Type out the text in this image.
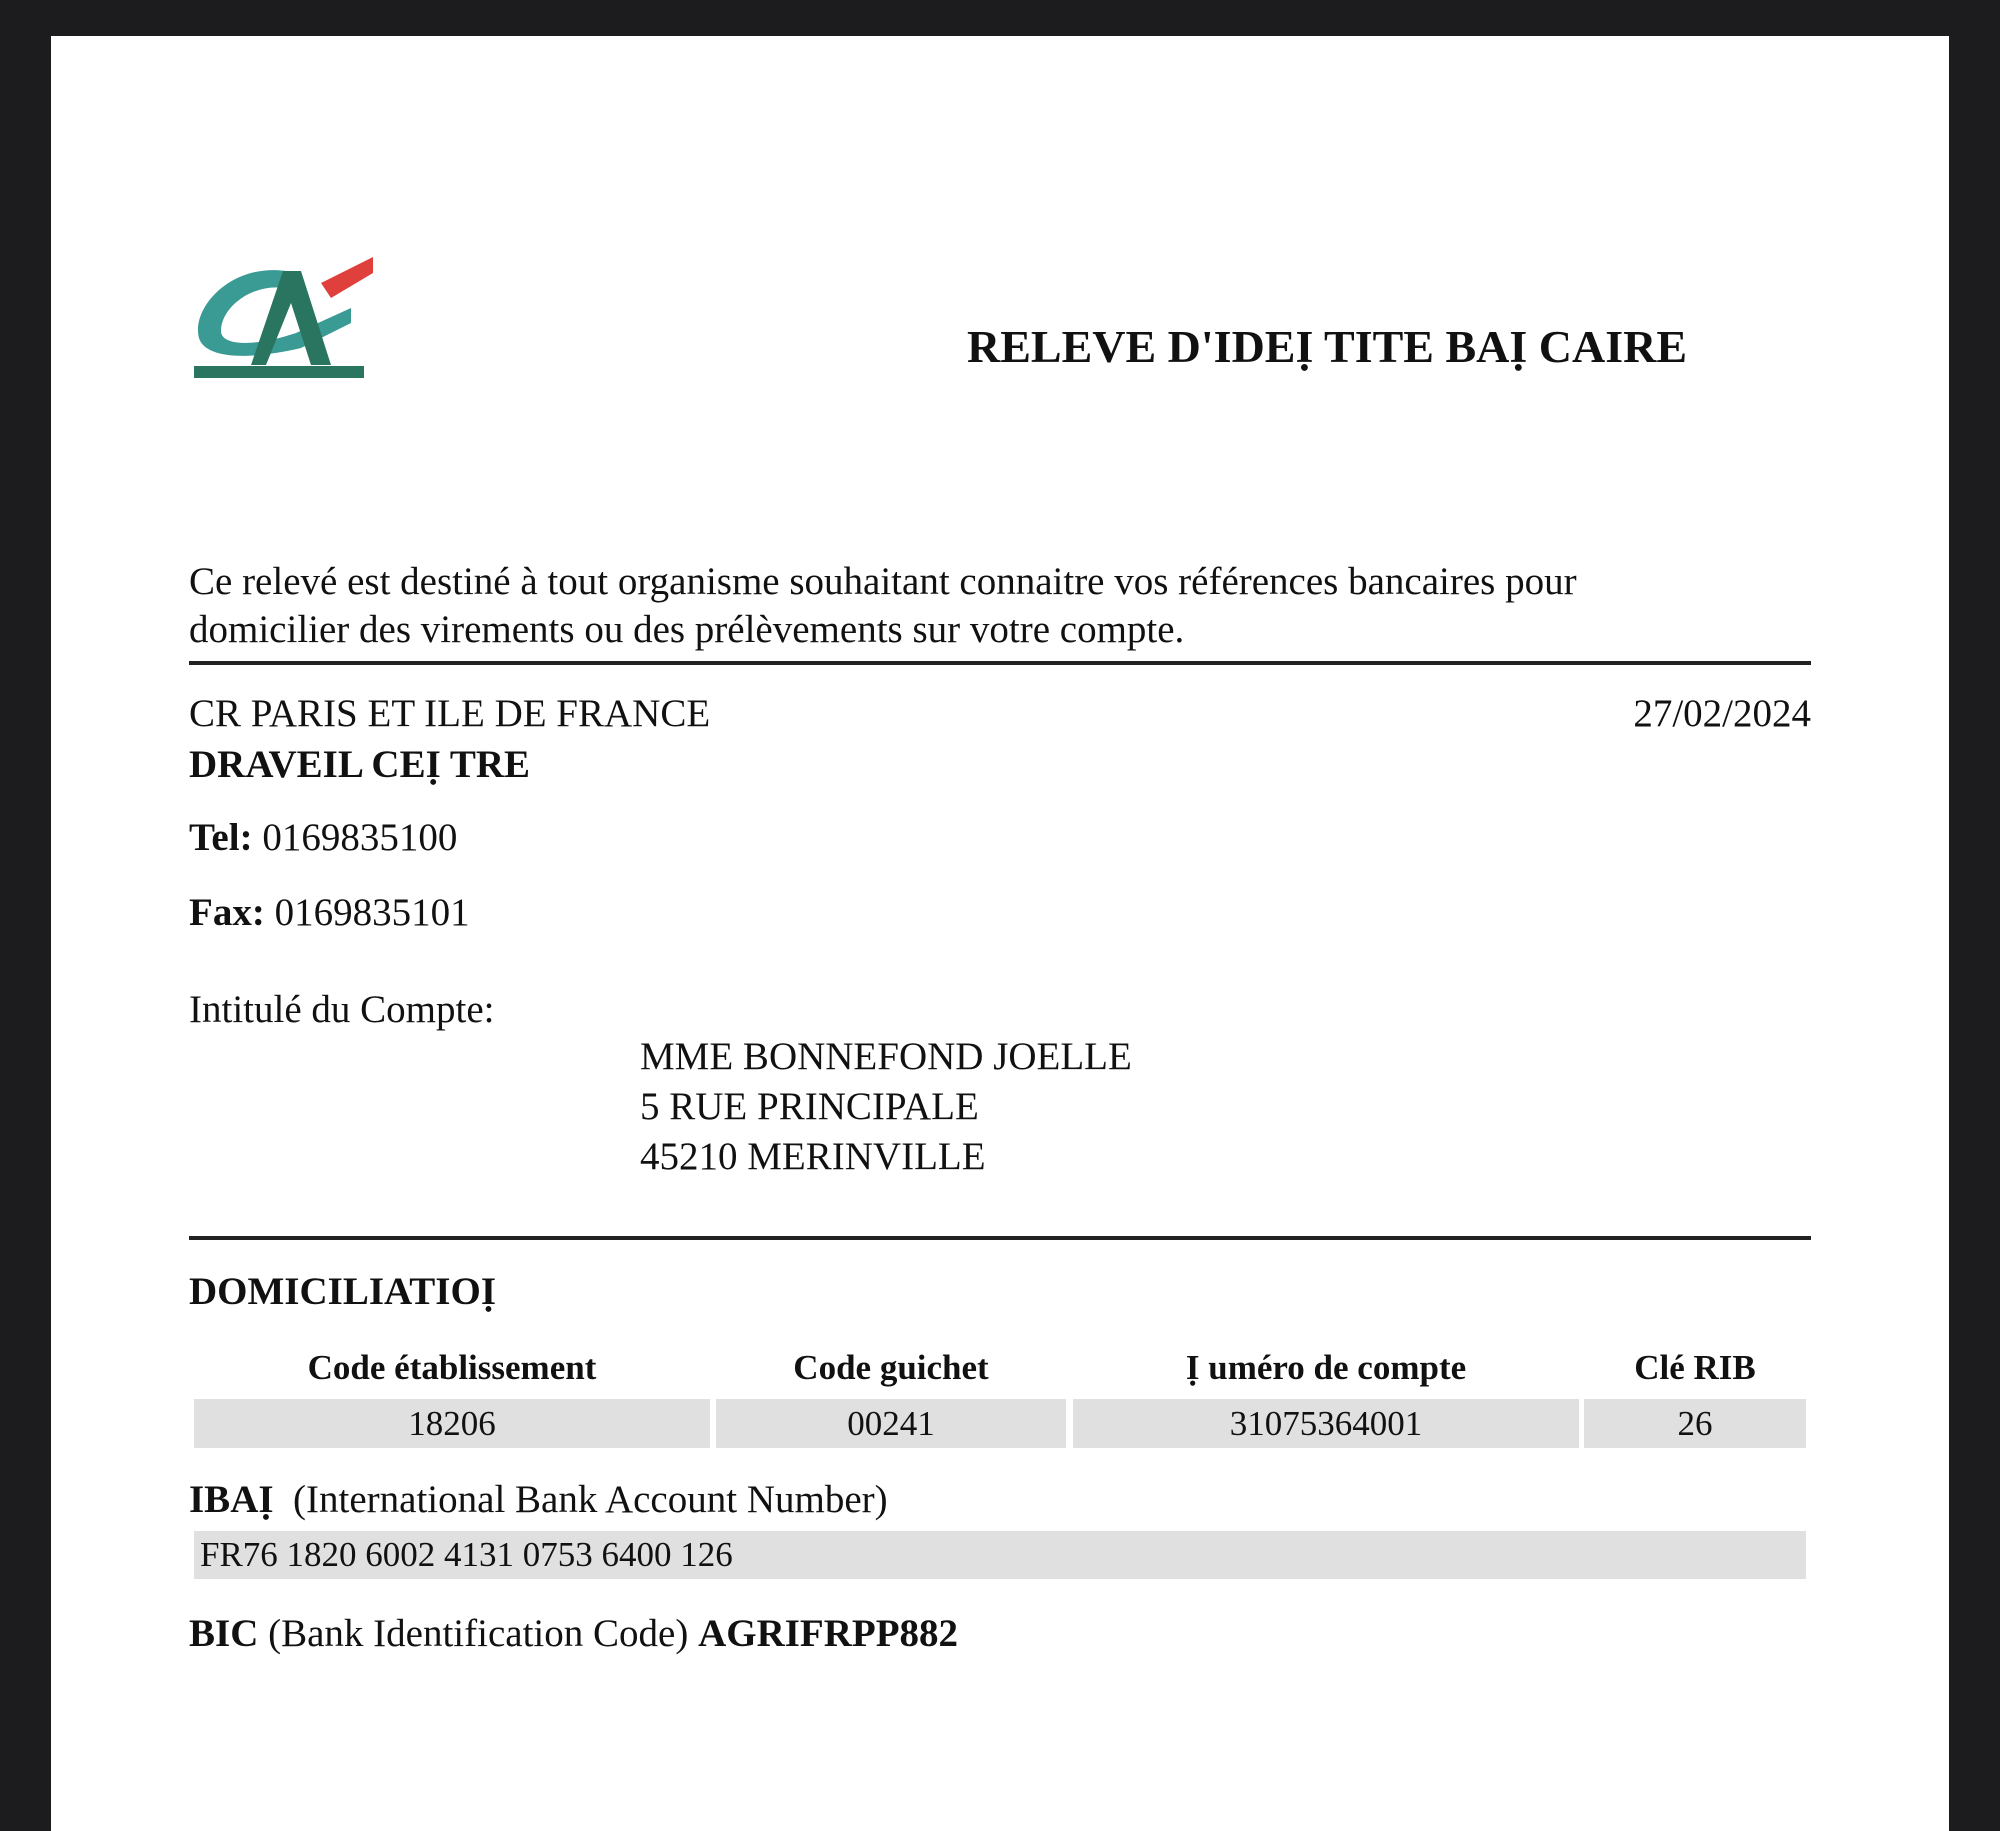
RELEVE D'IDEỊ TITE BAỊ CAIRE
Ce relevé est destiné à tout organisme souhaitant connaitre vos références bancaires pour
domicilier des virements ou des prélèvements sur votre compte.
CR PARIS ET ILE DE FRANCE	27/02/2024
DRAVEIL CEỊ TRE
Tel: 0169835100
Fax: 0169835101
Intitulé du Compte:
MME BONNEFOND JOELLE
5 RUE PRINCIPALE
45210 MERINVILLE
DOMICILIATIOỊ
Code établissement	Code guichet	Ị uméro de compte	Clé RIB
18206	00241	31075364001	26
IBAỊ (International Bank Account Number)
FR76 1820 6002 4131 0753 6400 126
BIC (Bank Identification Code) AGRIFRPP882
